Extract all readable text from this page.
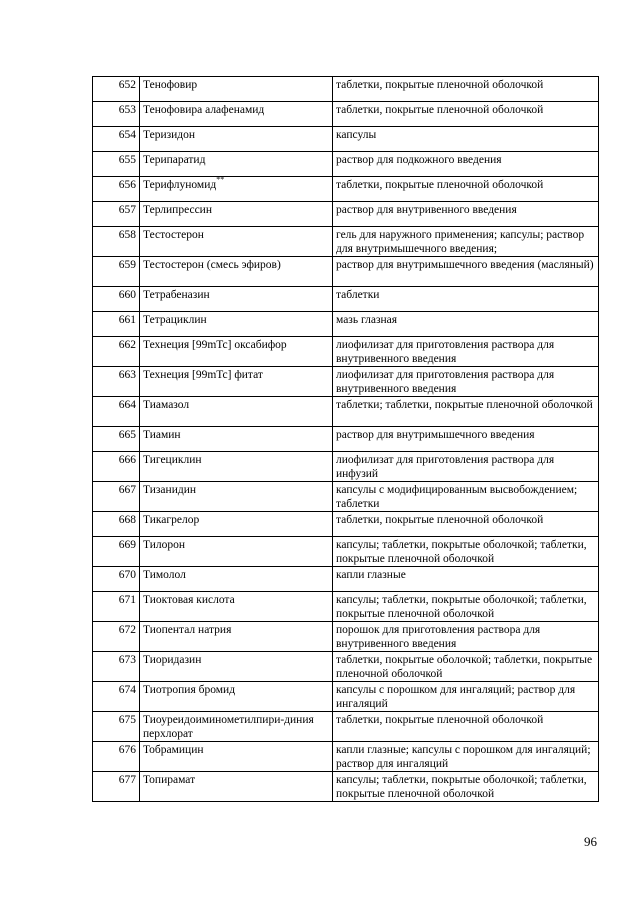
652	Тенофовир	таблетки, покрытые пленочной оболочкой
653	Тенофовира алафенамид	таблетки, покрытые пленочной оболочкой
654	Теризидон	капсулы
655	Терипаратид	раствор для подкожного введения
656	Терифлуномид**	таблетки, покрытые пленочной оболочкой
657	Терлипрессин	раствор для внутривенного введения
658	Тестостерон	гель для наружного применения; капсулы; раствор для внутримышечного введения;
659	Тестостерон (смесь эфиров)	раствор для внутримышечного введения (масляный)
660	Тетрабеназин	таблетки
661	Тетрациклин	мазь глазная
662	Технеция [99mTc] оксабифор	лиофилизат для приготовления раствора для внутривенного введения
663	Технеция [99mTc] фитат	лиофилизат для приготовления раствора для внутривенного введения
664	Тиамазол	таблетки; таблетки, покрытые пленочной оболочкой
665	Тиамин	раствор для внутримышечного введения
666	Тигециклин	лиофилизат для приготовления раствора для инфузий
667	Тизанидин	капсулы с модифицированным высвобождением; таблетки
668	Тикагрелор	таблетки, покрытые пленочной оболочкой
669	Тилорон	капсулы; таблетки, покрытые оболочкой; таблетки, покрытые пленочной оболочкой
670	Тимолол	капли глазные
671	Тиоктовая кислота	капсулы; таблетки, покрытые оболочкой; таблетки, покрытые пленочной оболочкой
672	Тиопентал натрия	порошок для приготовления раствора для внутривенного введения
673	Тиоридазин	таблетки, покрытые оболочкой; таблетки, покрытые пленочной оболочкой
674	Тиотропия бромид	капсулы с порошком для ингаляций; раствор для ингаляций
675	Тиоуреидоиминометилпири-диния перхлорат	таблетки, покрытые пленочной оболочкой
676	Тобрамицин	капли глазные; капсулы с порошком для ингаляций; раствор для ингаляций
677	Топирамат	капсулы; таблетки, покрытые оболочкой; таблетки, покрытые пленочной оболочкой
96
